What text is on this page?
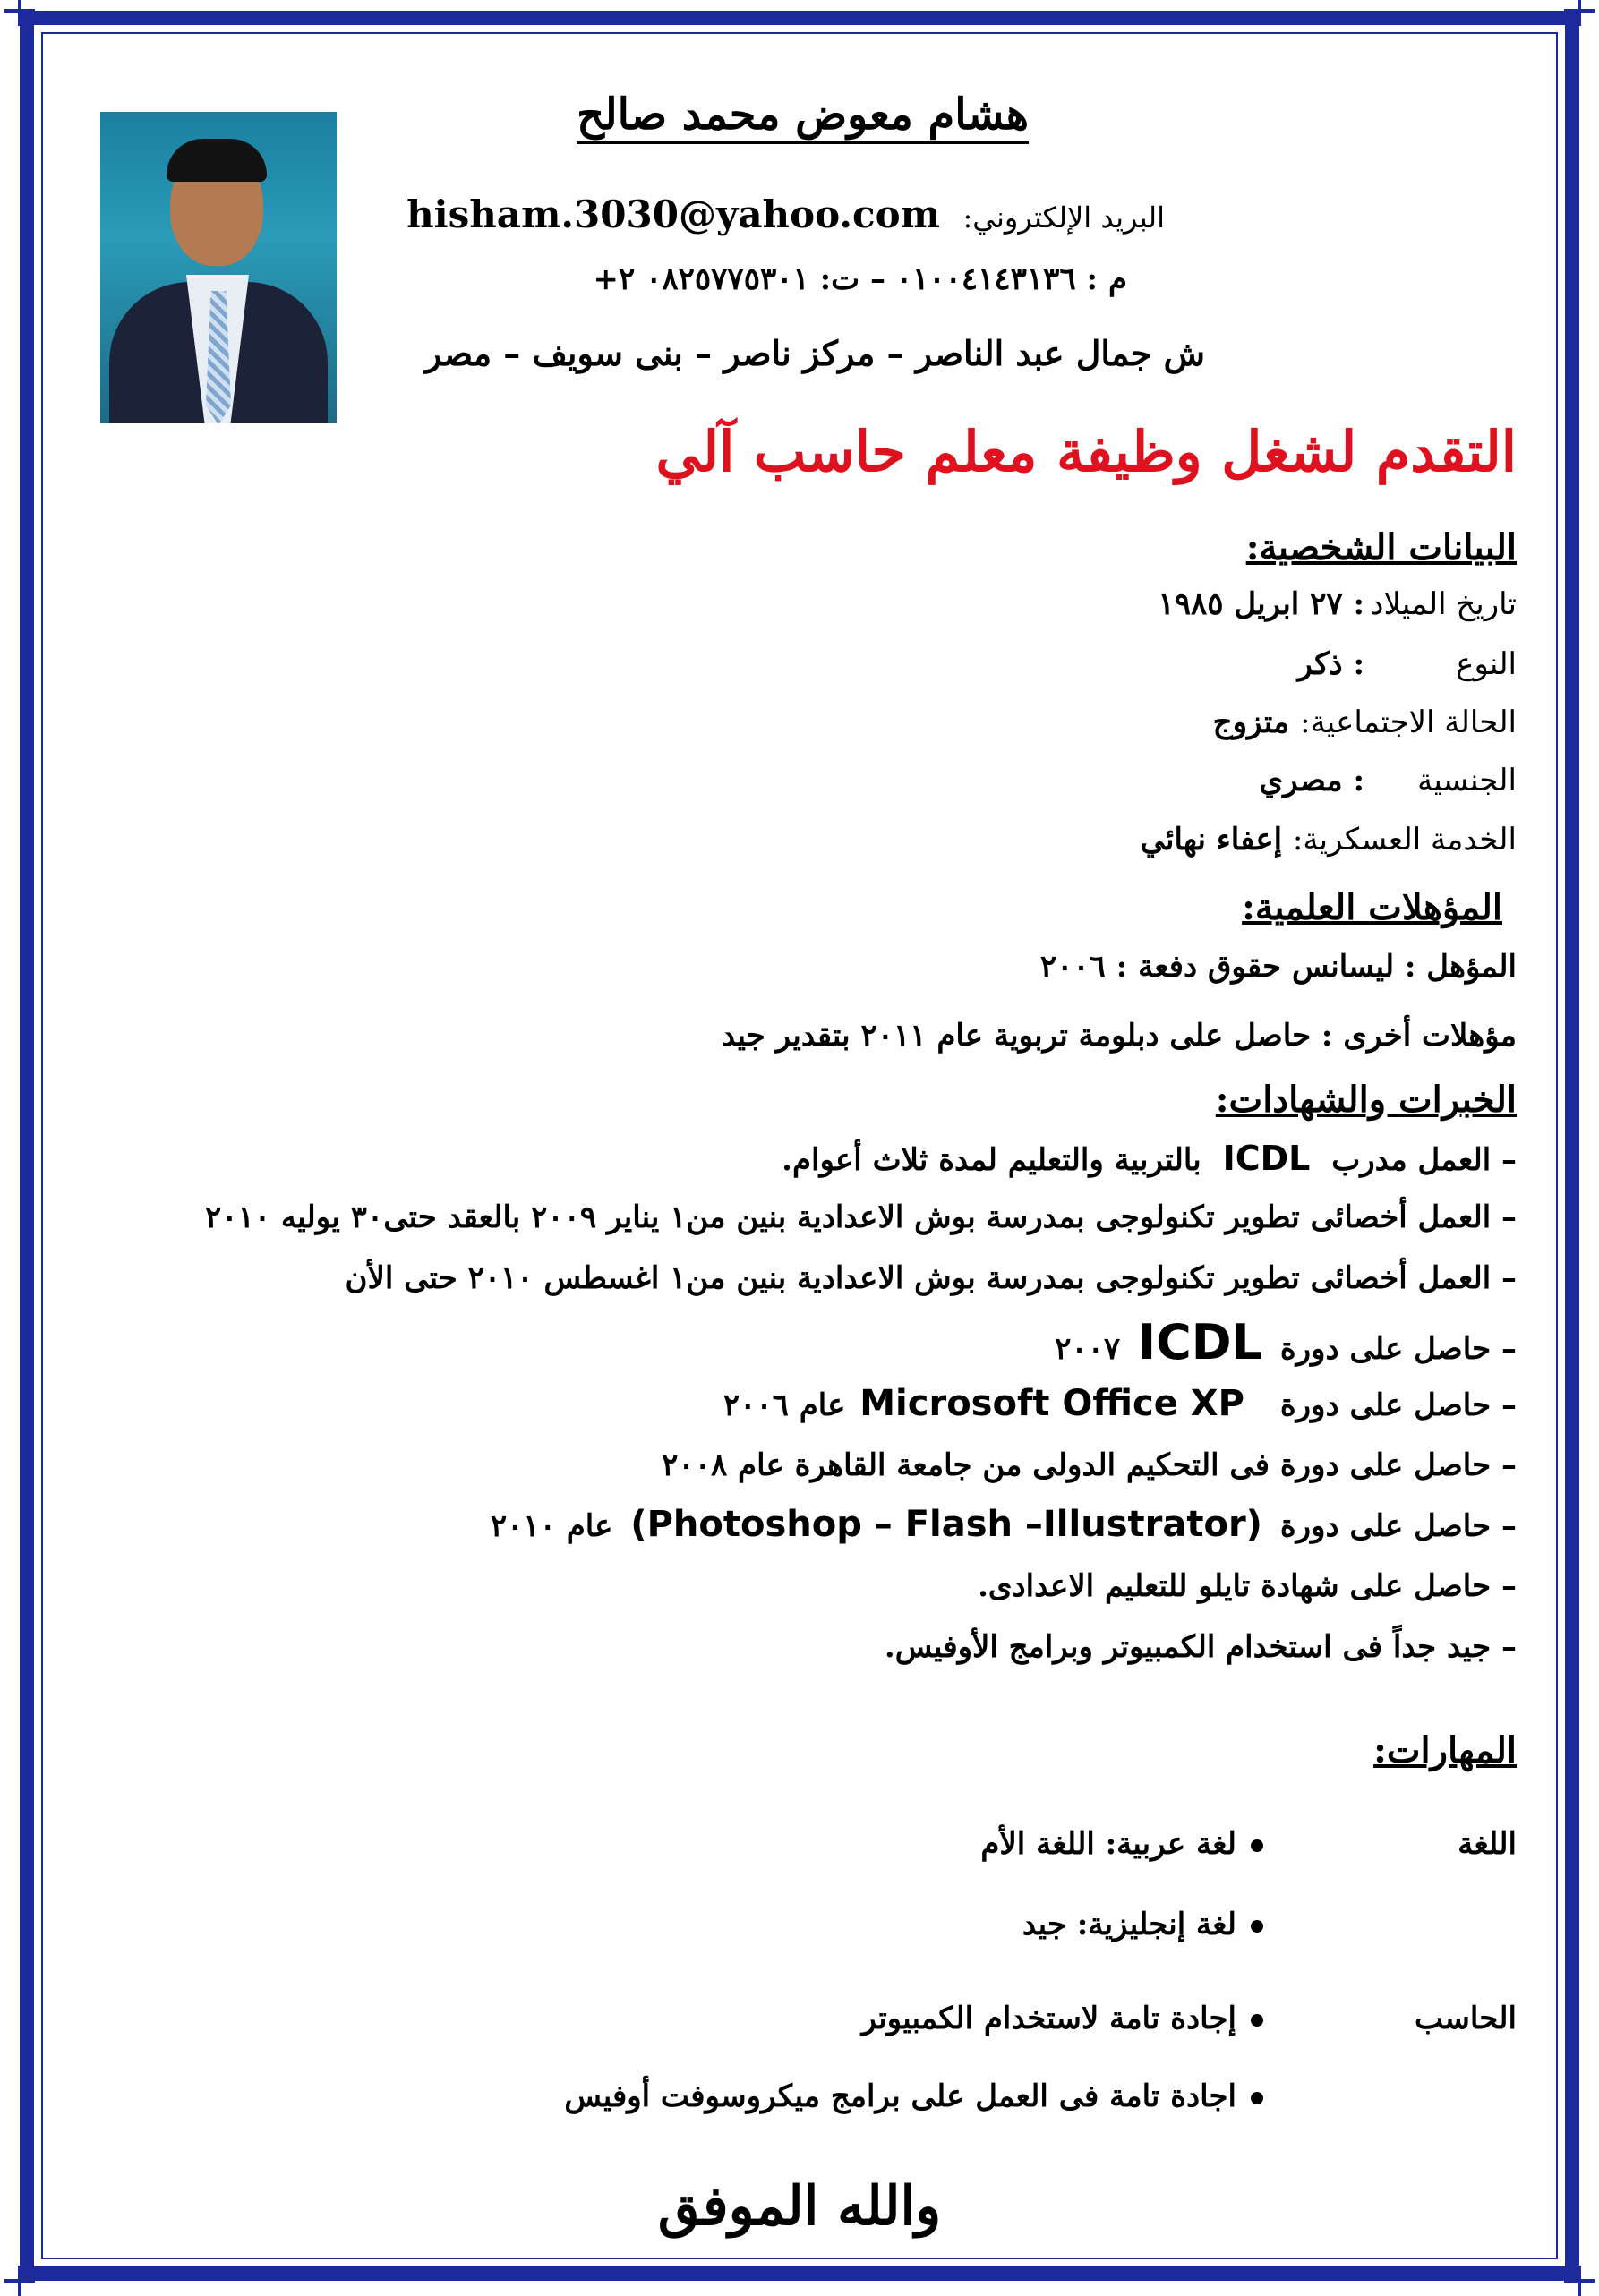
هشام معوض محمد صالح
البريد الإلكتروني: hisham.3030@yahoo.com
م : ٠١٠٠٤١٤٣١٣٦ – ت: ٠٨٢٥٧٧٥٣٠١ ٢+
ش جمال عبد الناصر – مركز ناصر – بنى سويف – مصر
التقدم لشغل وظيفة معلم حاسب آلي
البيانات الشخصية:
تاريخ الميلاد: ٢٧ ابريل ١٩٨٥
النوع: ذكر
الحالة الاجتماعية: متزوج
الجنسية: مصري
الخدمة العسكرية: إعفاء نهائي
المؤهلات العلمية:
المؤهل : ليسانس حقوق دفعة : ٢٠٠٦
مؤهلات أخرى : حاصل على دبلومة تربوية عام ٢٠١١ بتقدير جيد
الخبرات والشهادات:
– العمل مدرب ICDL بالتربية والتعليم لمدة ثلاث أعوام.
– العمل أخصائى تطوير تكنولوجى بمدرسة بوش الاعدادية بنين من١ يناير ٢٠٠٩ بالعقد حتى٣٠ يوليه ٢٠١٠
– العمل أخصائى تطوير تكنولوجى بمدرسة بوش الاعدادية بنين من١ اغسطس ٢٠١٠ حتى الأن
– حاصل على دورة ICDL ٢٠٠٧
– حاصل على دورة Microsoft Office XP عام ٢٠٠٦
– حاصل على دورة فى التحكيم الدولى من جامعة القاهرة عام ٢٠٠٨
– حاصل على دورة (Photoshop – Flash –Illustrator) عام ٢٠١٠
– حاصل على شهادة تايلو للتعليم الاعدادى.
– جيد جداً فى استخدام الكمبيوتر وبرامج الأوفيس.
المهارات:
اللغة
لغة عربية: اللغة الأم
لغة إنجليزية: جيد
الحاسب
إجادة تامة لاستخدام الكمبيوتر
اجادة تامة فى العمل على برامج ميكروسوفت أوفيس
والله الموفق
